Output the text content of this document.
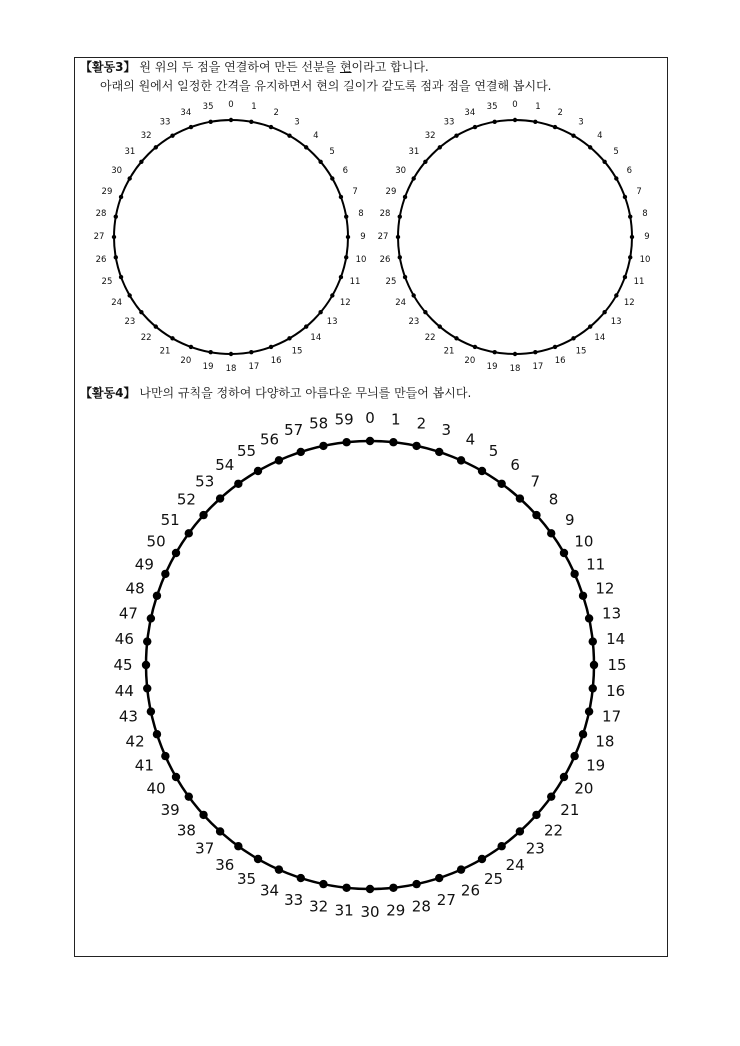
【활동3】 원 위의 두 점을 연결하여 만든 선분을 현이라고 합니다.
아래의 원에서 일정한 간격을 유지하면서 현의 길이가 같도록 점과 점을 연결해 봅시다.
【활동4】 나만의 규칙을 정하여 다양하고 아름다운 무늬를 만들어 봅시다.
0 1
2
3
4
5
6
7
8
9
10
11
12
13
14
15
16
17
18
19
20
21
22
23
24
25
26
27
28
29
30
31
32
33
34
35	0 1
2
3
4
5
6
7
8
9
10
11
12
13
14
15
16
17
18
19
20
21
22
23
24
25
26
27
28
29
30
31
32
33
34
35
0 1 2 3
4
5
6
7
8
9
10
11
12
13
14
15
16
17
18
19
20
21
22
23
24
25
26
27
28
29
30
31
32
33
34
35
36
37
38
39
40
41
42
43
44
45
46
47
48
49
50
51
52
53
54
55
56
57 58 59
